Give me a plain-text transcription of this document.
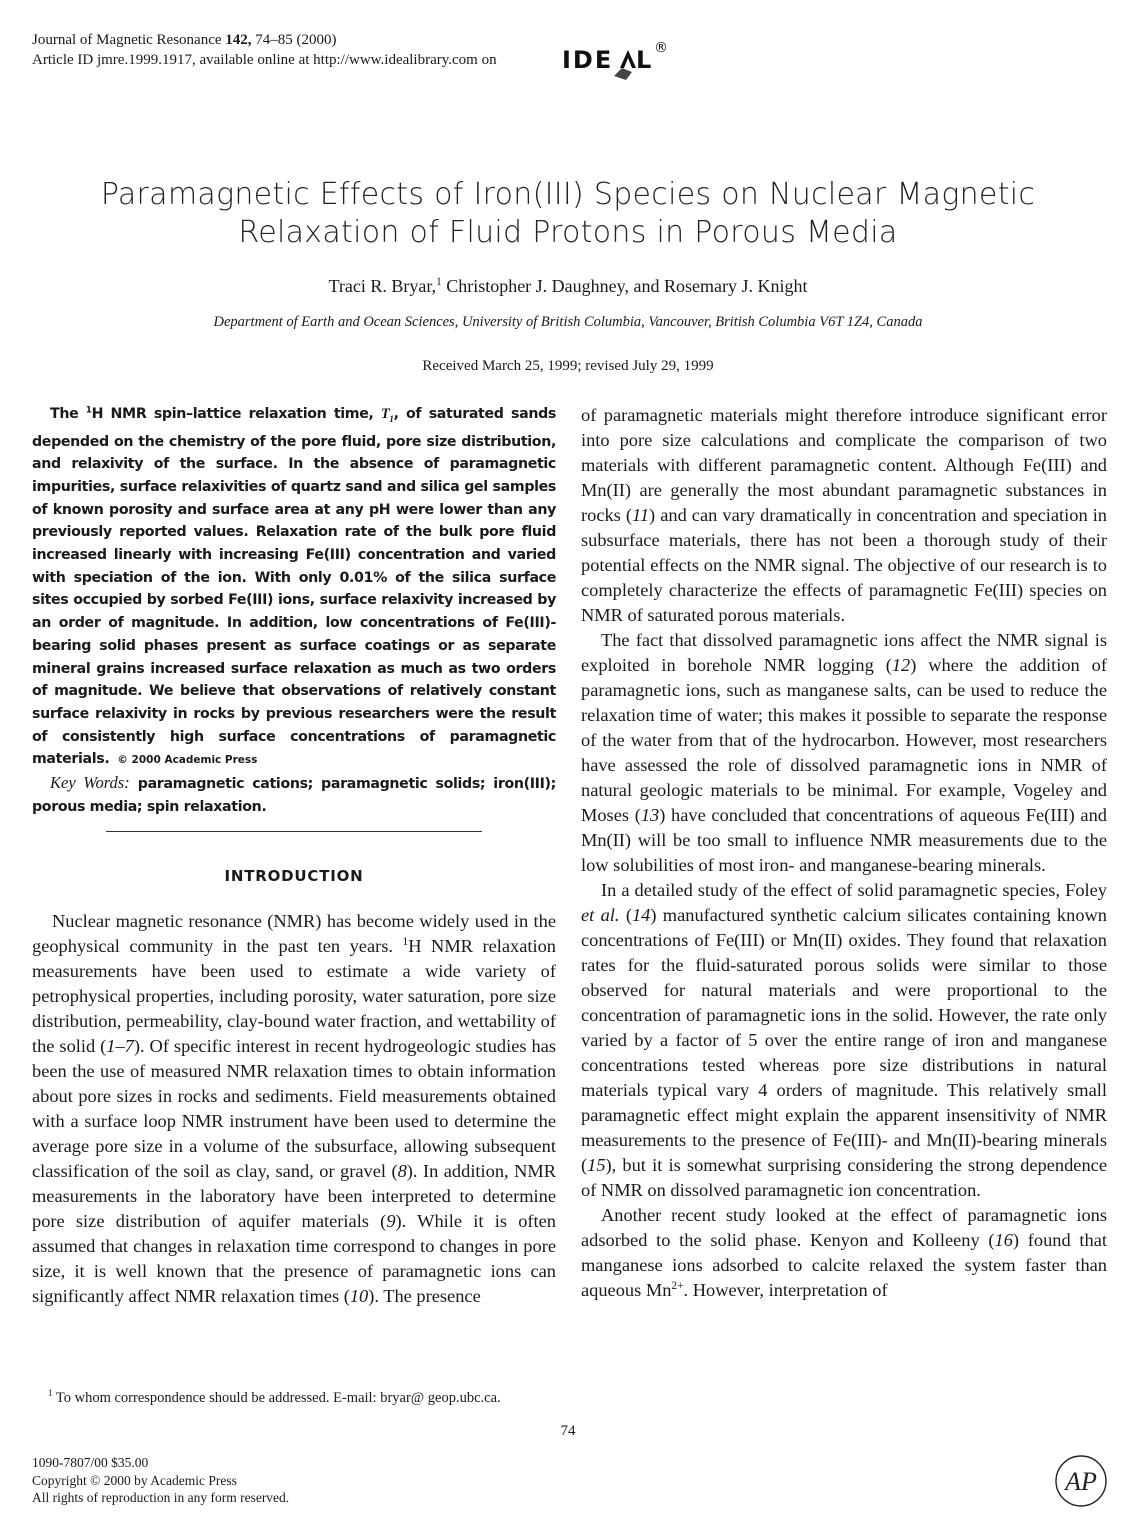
Journal of Magnetic Resonance 142, 74–85 (2000)
Article ID jmre.1999.1917, available online at http://www.idealibrary.com on	IDE L ®
Paramagnetic Effects of Iron(III) Species on Nuclear Magnetic
Relaxation of Fluid Protons in Porous Media
Traci R. Bryar,$^1$ Christopher J. Daughney, and Rosemary J. Knight
Department of Earth and Ocean Sciences, University of British Columbia, Vancouver, British Columbia V6T 1Z4, Canada
Received March 25, 1999; revised July 29, 1999
The $^1$H NMR spin–lattice relaxation time, $T_1$, of saturated sands depended on the chemistry of the pore fluid, pore size distribution, and relaxivity of the surface. In the absence of paramagnetic impurities, surface relaxivities of quartz sand and silica gel samples of known porosity and surface area at any pH were lower than any previously reported values. Relaxation rate of the bulk pore fluid increased linearly with increasing Fe(III) concentration and varied with speciation of the ion. With only 0.01% of the silica surface sites occupied by sorbed Fe(III) ions, surface relaxivity increased by an order of magnitude. In addition, low concentrations of Fe(III)-bearing solid phases present as surface coatings or as separate mineral grains increased surface relaxation as much as two orders of magnitude. We believe that observations of relatively constant surface relaxivity in rocks by previous researchers were the result of consistently high surface concentrations of paramagnetic materials. © 2000 Academic Press
Key Words: paramagnetic cations; paramagnetic solids; iron(III); porous media; spin relaxation.
INTRODUCTION

Nuclear magnetic resonance (NMR) has become widely used in the geophysical community in the past ten years. $^1$H NMR relaxation measurements have been used to estimate a wide variety of petrophysical properties, including porosity, water saturation, pore size distribution, permeability, clay-bound water fraction, and wettability of the solid (1–7). Of specific interest in recent hydrogeologic studies has been the use of measured NMR relaxation times to obtain information about pore sizes in rocks and sediments. Field measurements obtained with a surface loop NMR instrument have been used to determine the average pore size in a volume of the subsurface, allowing subsequent classification of the soil as clay, sand, or gravel (8). In addition, NMR measurements in the laboratory have been interpreted to determine pore size distribution of aquifer materials (9). While it is often assumed that changes in relaxation time correspond to changes in pore size, it is well known that the presence of paramagnetic ions can significantly affect NMR relaxation times (10). The presence

$^1$ To whom correspondence should be addressed. E-mail: bryar@ geop.ubc.ca.

of paramagnetic materials might therefore introduce significant error into pore size calculations and complicate the comparison of two materials with different paramagnetic content. Although Fe(III) and Mn(II) are generally the most abundant paramagnetic substances in rocks (11) and can vary dramatically in concentration and speciation in subsurface materials, there has not been a thorough study of their potential effects on the NMR signal. The objective of our research is to completely characterize the effects of paramagnetic Fe(III) species on NMR of saturated porous materials.

The fact that dissolved paramagnetic ions affect the NMR signal is exploited in borehole NMR logging (12) where the addition of paramagnetic ions, such as manganese salts, can be used to reduce the relaxation time of water; this makes it possible to separate the response of the water from that of the hydrocarbon. However, most researchers have assessed the role of dissolved paramagnetic ions in NMR of natural geologic materials to be minimal. For example, Vogeley and Moses (13) have concluded that concentrations of aqueous Fe(III) and Mn(II) will be too small to influence NMR measurements due to the low solubilities of most iron- and manganese-bearing minerals.

In a detailed study of the effect of solid paramagnetic species, Foley et al. (14) manufactured synthetic calcium silicates containing known concentrations of Fe(III) or Mn(II) oxides. They found that relaxation rates for the fluid-saturated porous solids were similar to those observed for natural materials and were proportional to the concentration of paramagnetic ions in the solid. However, the rate only varied by a factor of 5 over the entire range of iron and manganese concentrations tested whereas pore size distributions in natural materials typical vary 4 orders of magnitude. This relatively small paramagnetic effect might explain the apparent insensitivity of NMR measurements to the presence of Fe(III)- and Mn(II)-bearing minerals (15), but it is somewhat surprising considering the strong dependence of NMR on dissolved paramagnetic ion concentration.

Another recent study looked at the effect of paramagnetic ions adsorbed to the solid phase. Kenyon and Kolleeny (16) found that manganese ions adsorbed to calcite relaxed the system faster than aqueous $Mn^{2+}$. However, interpretation of

74
1090-7807/00 $35.00
Copyright © 2000 by Academic Press
All rights of reproduction in any form reserved.
AP
